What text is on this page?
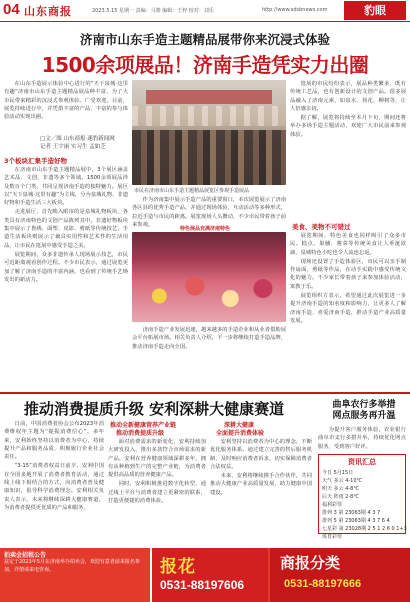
04 山东商报	2023.5.15 星期一 责编：马骏 编辑：王梓 校对：刘乐	http://www.sdsbnews.com	豹眼
济南市山东手造主题精品展带你来沉浸式体验
1500余项展品！济南手造凭实力出圈

在山东手造展示体验中心进行的“天下泉城·这里有趣”济南市山东手造主题精品展品种丰富、为了大市民带来精彩的沉浸式参观体验。广受欢迎。目前，展览持续进行中，并凭借丰富的产品、丰富的参与体验活动实现出圈。

□文／图 山东商报·速豹新闻网
记者 王宇丽 实习生 孟如芝
3个板块汇集手造好物

在济南市山东手造主题精品展中，3个展区涵盖艺术品、文创、非遗等多个领域。1500余项展品涉及数百个门类，共同呈现济南手造的独特魅力。展区以“天下泉城·这里有趣”为主线，分为泉城礼物、非遗好物和手造生活三大板块。

走进展厅，首先映入眼帘的是泉城礼物板块，各类具有济南特色的文创产品陈列其中。非遗好物板块集中展示了鲁绣、面塑、皮影、剪纸等传统技艺，手造生活板块则展示了兼具实用性和艺术性的生活用品，让市民在逛展中感受手造之美。

展览期间，众多非遗传承人现场展示技艺，市民可近距离观看创作过程。不少市民表示，通过展览更加了解了济南手造的丰富内涵，也看到了传统手艺焕发出的新活力。

市民在济南市山东手造主题精品展览区参观手造展品

作为济南集中展示手造产品的重要窗口，本次展览展示了济南各区县的优秀手造产品，并通过现场体验、互动活动等多种形式，拉近手造与市民的距离。展览现场人头攒动，不少市民带着孩子前来参观。

特色展品充满济南特色

济南手造产业发展迅速，越来越多的手造企业和从业者借助展会平台拓展市场。相关负责人介绍，下一步将继续打造手造品牌，推动济南手造走向全国。

逛展的市民纷纷表示，展品种类繁多，既有传统工艺品，也有创新设计的文创产品。很多展品融入了济南元素，如泉水、荷花、柳树等，让人倍感亲切。

据了解，展览将持续至本月下旬，期间还将举办多场手造主题活动，欢迎广大市民前来参观体验。

美食、美物不可错过

展览期间，特色美食也同样吸引了众多市民。糕点、果脯、酱菜等传统美食让人垂涎欲滴，泉城特色小吃也令人流连忘返。

现场还设置了手造体验区，市民可以亲手制作扇面、剪纸等作品，在动手实践中感受传统文化的魅力。不少家长带着孩子来参加体验活动，寓教于乐。

展览组织方表示，希望通过此次展览进一步提升济南手造的知名度和影响力，让更多人了解济南手造、喜爱济南手造，推动手造产业高质量发展。

推动消费提质升级 安利深耕大健康赛道

日前，中国消费者协会公布2023年消费维权年主题为“提振消费信心”。多年来，安利始终坚持以消费者为中心，持续提升产品和服务品质，积极履行企业社会责任。

“3·15”消费者权益日前夕，安利中国在全国多地开展了消费者教育活动，通过线上线下相结合的方式，向消费者普及健康知识，倡导科学消费理念。安利相关负责人表示，未来将继续深耕大健康赛道，为消费者提供更优质的产品和服务。

推动全新健康营养产业链
推动消费提质升级

面对消费需求的新变化，安利持续加大研发投入，推出多款符合市场需求的新产品。安利在营养健康领域深耕多年，拥有从种植到生产的完整产业链，为消费者提供高品质的营养健康产品。

同时，安利积极推进数字化转型，通过线上平台与消费者建立更紧密的联系，打造更便捷的消费体验。

深耕大健康
全面提升消费体验

安利坚持以消费者为中心的理念，不断优化服务体系。通过建立完善的售后服务机制，及时响应消费者诉求，切实保障消费者合法权益。

未来，安利将继续携手合作伙伴，共同推动大健康产业高质量发展，助力健康中国建设。

曲阜农行多举措
网点服务再升温

为提升客户服务体验，农业银行曲阜市支行多措并举，持续优化网点服务，受到客户好评。

资讯汇总
今日 5月15日
天气 多云 4-10℃
明天 多云 4-8℃
后天 阵雨 2-8℃
福利彩票
排列 3 第 23063期 4 3 7
排列 5 第 23063期 4 3 7 6 4
七星彩 第 23028期 2 5 1 2 6 0 1+3
体育彩票
拍卖会招租公告
兹定于2023年5月在济南举办拍卖会，欢迎有意者前来报名参加，详情请来电咨询。	报花
0531-88197606
商报分类
0531-88197666
